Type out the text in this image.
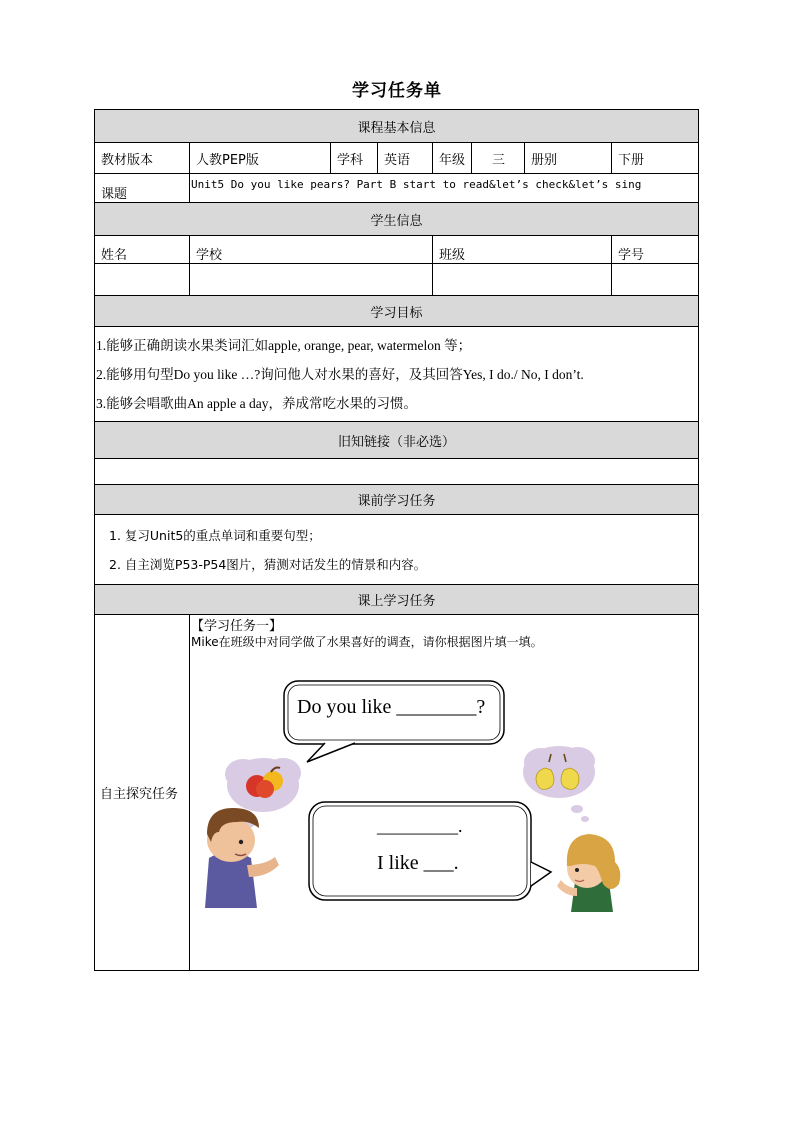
学习任务单
课程基本信息							
教材版本	人教PEP版	学科	英语	年级	三	册别	下册
课题	Unit5 Do you like pears? Part B start to read&let’s check&let’s sing						
学生信息							
姓名	学校			班级			学号

学习目标							

1.能够正确朗读水果类词汇如apple, orange, pear, watermelon 等；
2.能够用句型Do you like …?询问他人对水果的喜好，及其回答Yes, I do./ No, I don’t.
3.能够会唱歌曲An apple a day，养成常吃水果的习惯。							

旧知链接（非必选）							

课前学习任务							

1. 复习Unit5的重点单词和重要句型；
2. 自主浏览P53-P54图片，猜测对话发生的情景和内容。							

课上学习任务							
自主探究任务	【学习任务一】
Mike在班级中对同学做了水果喜好的调查，请你根据图片填一填。
Do you like ________?
_________.
I like ___.						
